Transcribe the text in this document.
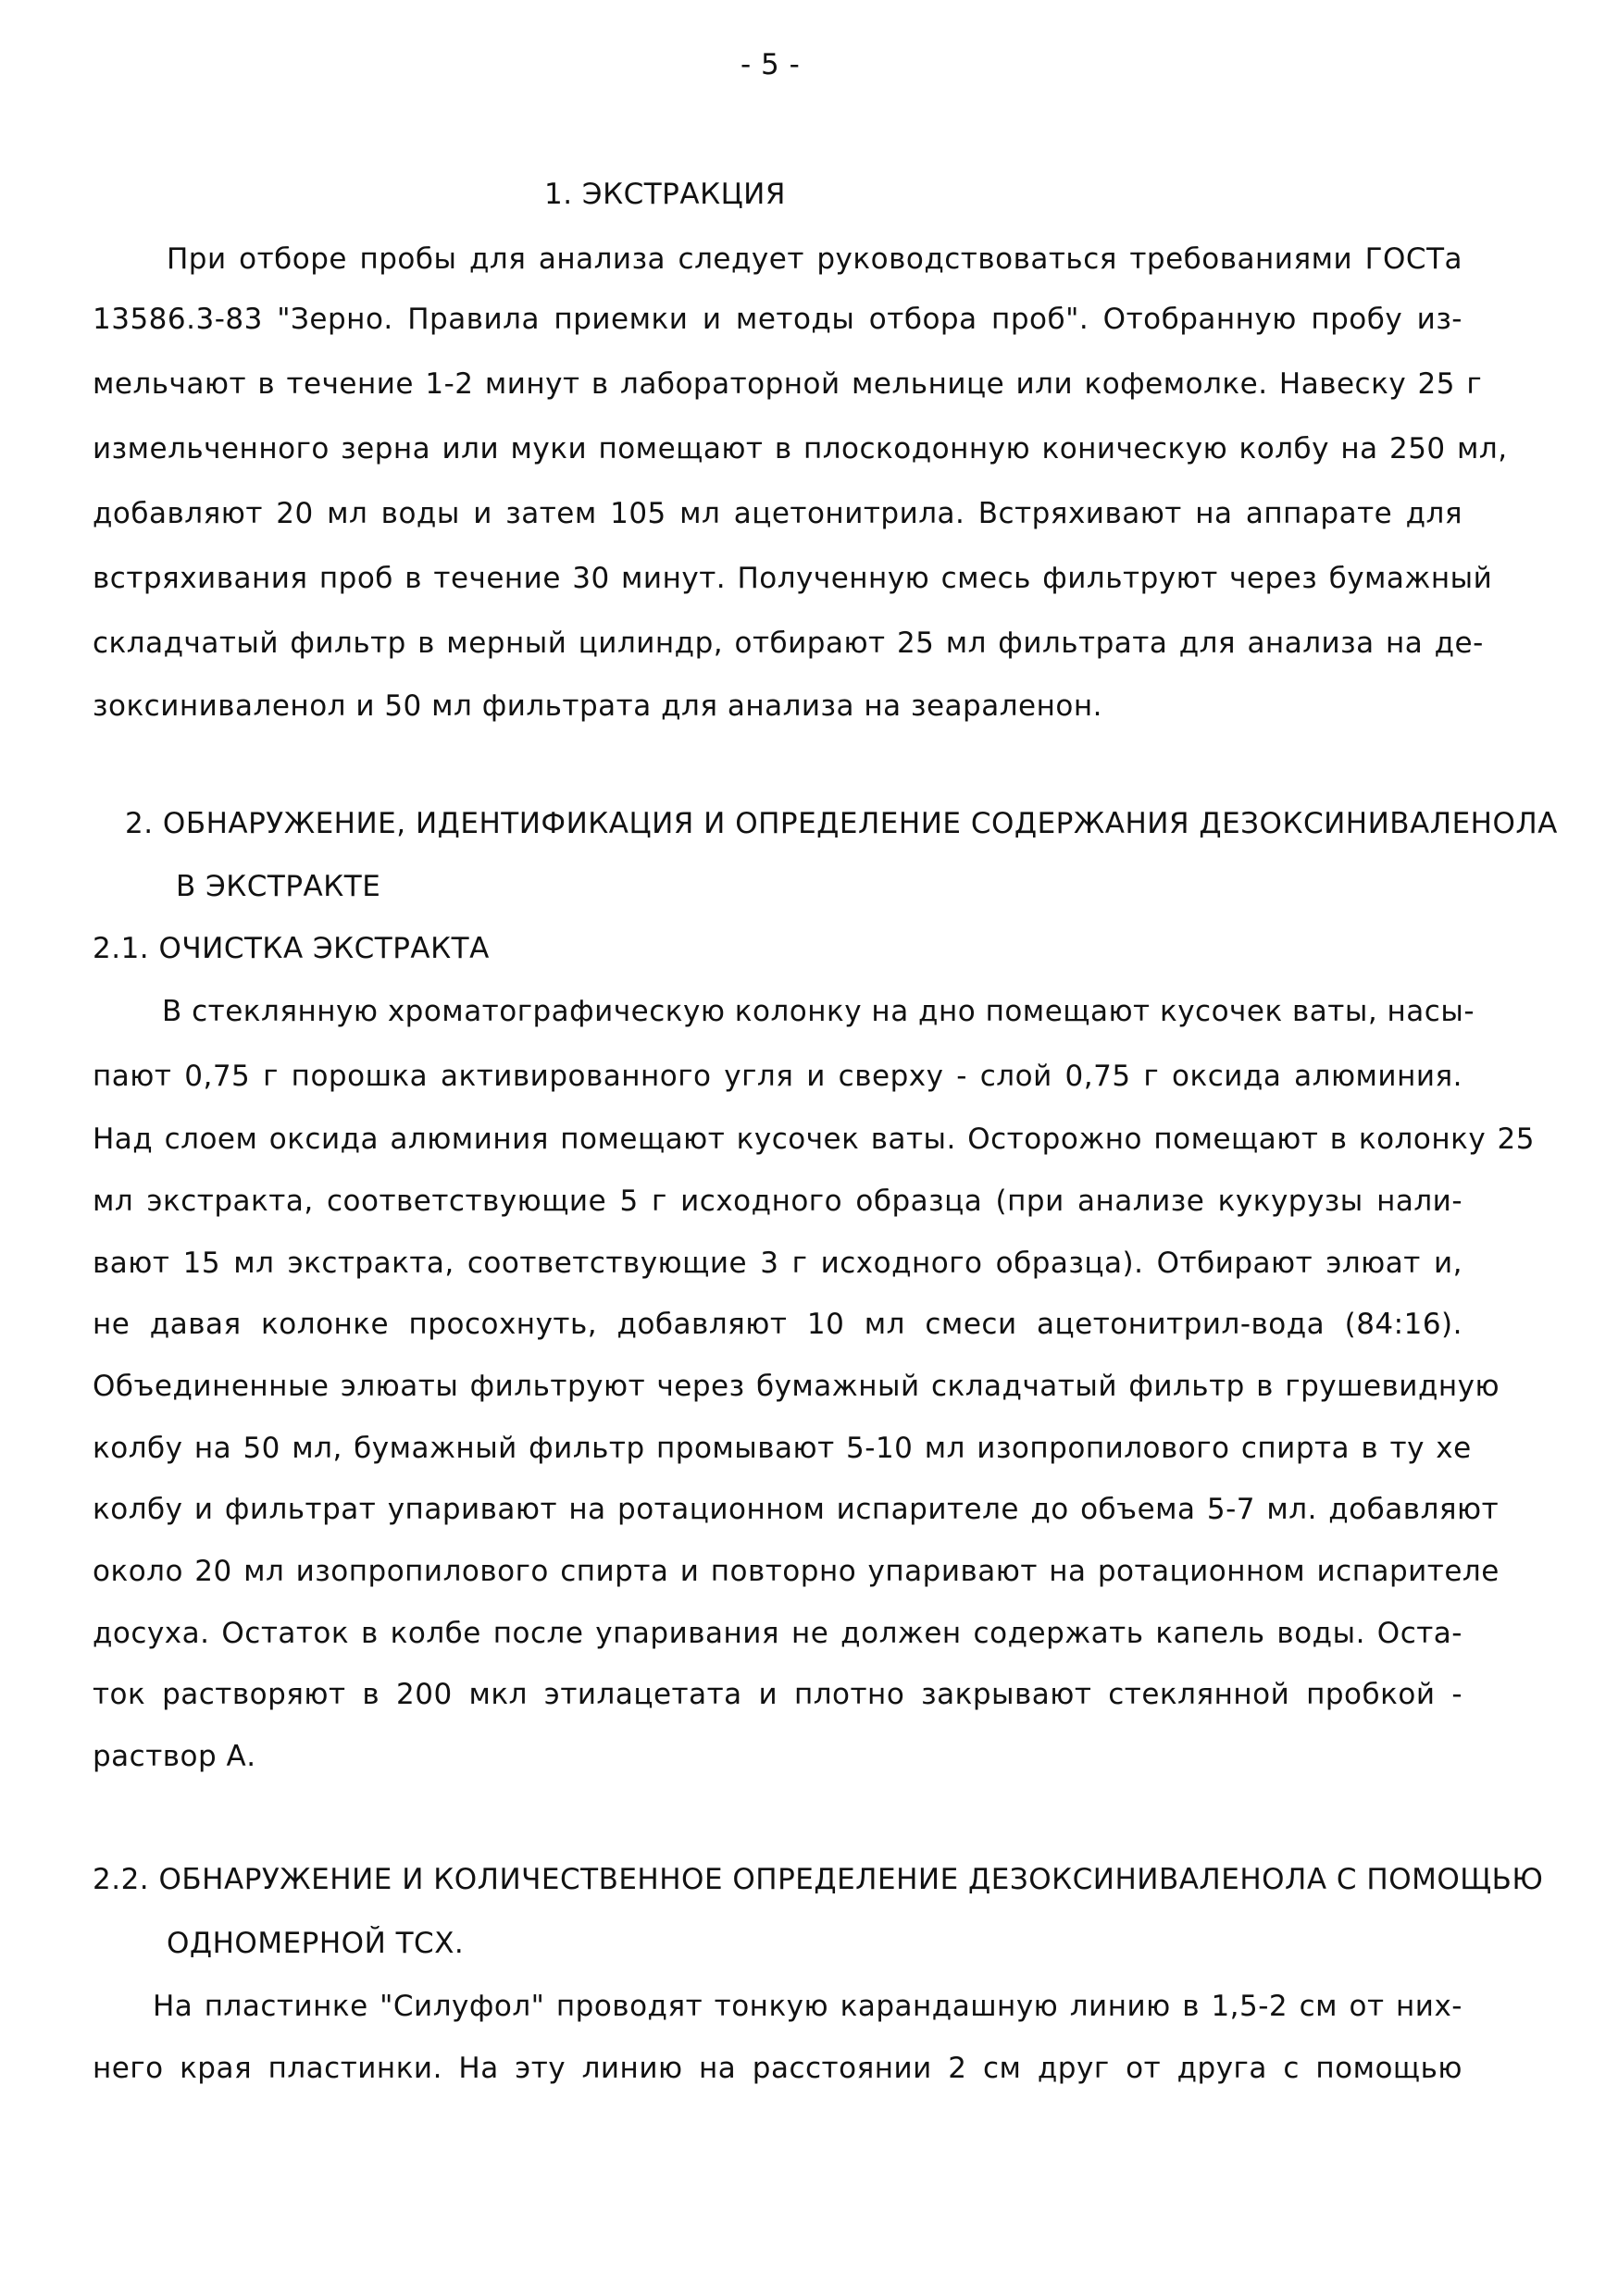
- 5 -
1. ЭКСТРАКЦИЯ
При отборе пробы для анализа следует руководствоваться требованиями ГОСТа
13586.3-83 "Зерно. Правила приемки и методы отбора проб". Отобранную пробу из-
мельчают в течение 1-2 минут в лабораторной мельнице или кофемолке. Навеску 25 г
измельченного зерна или муки помещают в плоскодонную коническую колбу на 250 мл,
добавляют 20 мл воды и затем 105 мл ацетонитрила. Встряхивают на аппарате для
встряхивания проб в течение 30 минут. Полученную смесь фильтруют через бумажный
складчатый фильтр в мерный цилиндр, отбирают 25 мл фильтрата для анализа на де-
зоксиниваленол и 50 мл фильтрата для анализа на зеараленон.
2. ОБНАРУЖЕНИЕ, ИДЕНТИФИКАЦИЯ И ОПРЕДЕЛЕНИЕ СОДЕРЖАНИЯ ДЕЗОКСИНИВАЛЕНОЛА
В ЭКСТРАКТЕ
2.1. ОЧИСТКА ЭКСТРАКТА
В стеклянную хроматографическую колонку на дно помещают кусочек ваты, насы-
пают 0,75 г порошка активированного угля и сверху - слой 0,75 г оксида алюминия.
Над слоем оксида алюминия помещают кусочек ваты. Осторожно помещают в колонку 25
мл экстракта, соответствующие 5 г исходного образца (при анализе кукурузы нали-
вают 15 мл экстракта, соответствующие 3 г исходного образца). Отбирают элюат и,
не давая колонке просохнуть, добавляют 10 мл смеси ацетонитрил-вода (84:16).
Объединенные элюаты фильтруют через бумажный складчатый фильтр в грушевидную
колбу на 50 мл, бумажный фильтр промывают 5-10 мл изопропилового спирта в ту хе
колбу и фильтрат упаривают на ротационном испарителе до объема 5-7 мл. добавляют
около 20 мл изопропилового спирта и повторно упаривают на ротационном испарителе
досуха. Остаток в колбе после упаривания не должен содержать капель воды. Оста-
ток растворяют в 200 мкл этилацетата и плотно закрывают стеклянной пробкой -
раствор А.
2.2. ОБНАРУЖЕНИЕ И КОЛИЧЕСТВЕННОЕ ОПРЕДЕЛЕНИЕ ДЕЗОКСИНИВАЛЕНОЛА С ПОМОЩЬЮ
ОДНОМЕРНОЙ ТСХ.
На пластинке "Силуфол" проводят тонкую карандашную линию в 1,5-2 см от них-
него края пластинки. На эту линию на расстоянии 2 см друг от друга с помощью
